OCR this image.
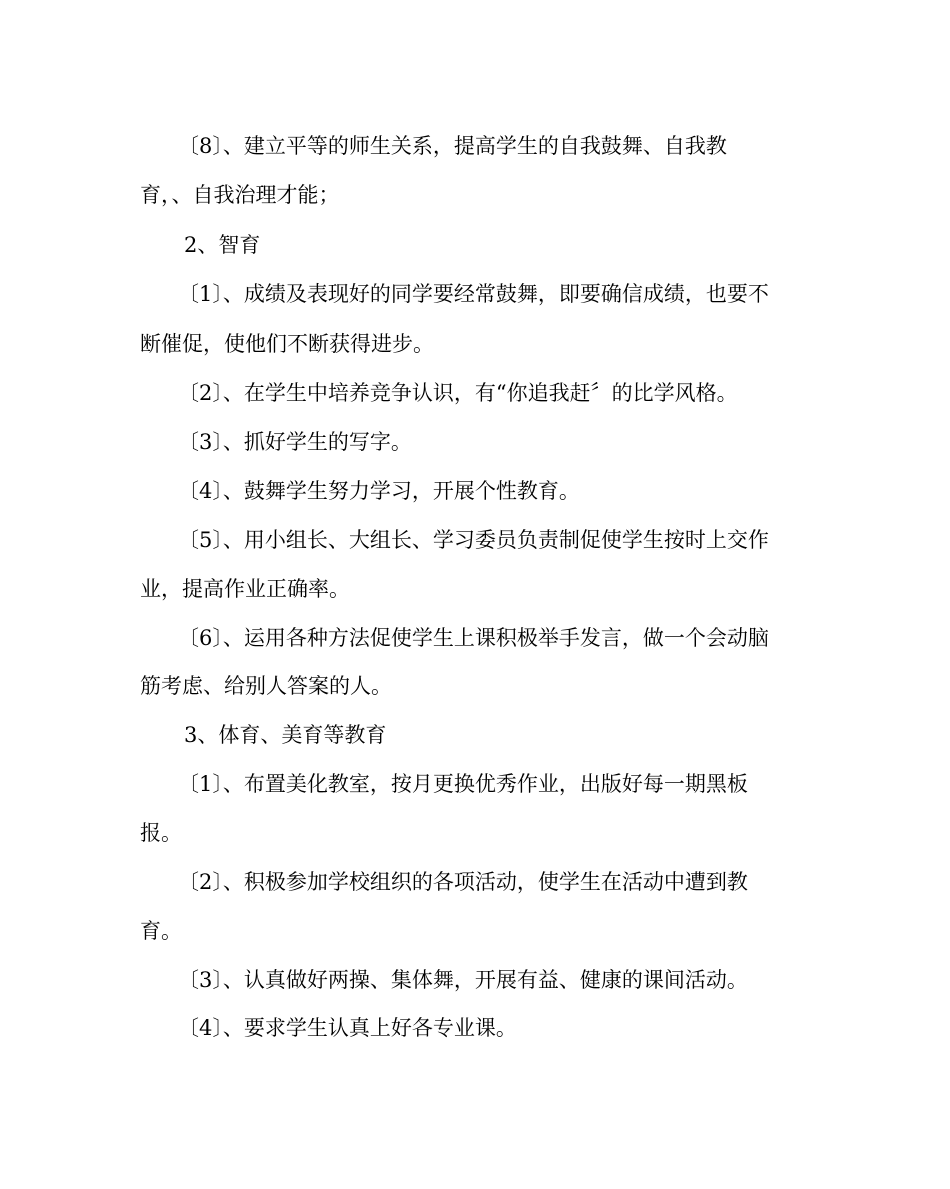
〔8〕、建立平等的师生关系，提高学生的自我鼓舞、自我教
育，、自我治理才能；
2、智育
〔1〕、成绩及表现好的同学要经常鼓舞，即要确信成绩，也要不
断催促，使他们不断获得进步。
〔2〕、在学生中培养竞争认识，有“你追我赶〞的比学风格。
〔3〕、抓好学生的写字。
〔4〕、鼓舞学生努力学习，开展个性教育。
〔5〕、用小组长、大组长、学习委员负责制促使学生按时上交作
业，提高作业正确率。
〔6〕、运用各种方法促使学生上课积极举手发言，做一个会动脑
筋考虑、给别人答案的人。
3、体育、美育等教育
〔1〕、布置美化教室，按月更换优秀作业，出版好每一期黑板
报。
〔2〕、积极参加学校组织的各项活动，使学生在活动中遭到教
育。
〔3〕、认真做好两操、集体舞，开展有益、健康的课间活动。
〔4〕、要求学生认真上好各专业课。
